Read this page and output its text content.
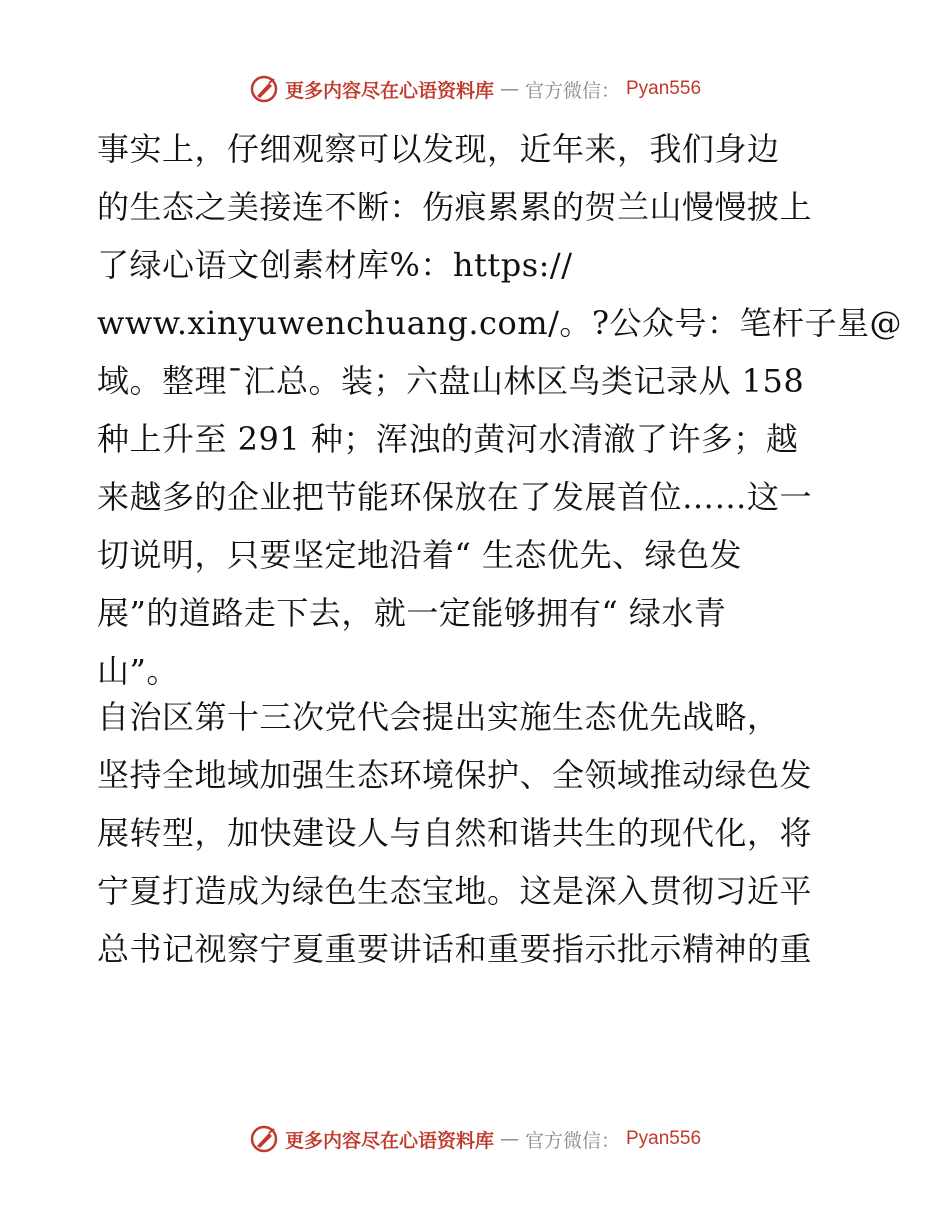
更多内容尽在心语资料库 — 官方微信： Pyan556
事实上，仔细观察可以发现，近年来，我们身边
的生态之美接连不断：伤痕累累的贺兰山慢慢披上
了绿心语文创素材库%：https://
www.xinyuwenchuang.com/。?公众号：笔杆子星@
域。整理¯汇总。装；六盘山林区鸟类记录从 158
种上升至 291 种；浑浊的黄河水清澈了许多；越
来越多的企业把节能环保放在了发展首位……这一
切说明，只要坚定地沿着“ 生态优先、绿色发
展”的道路走下去，就一定能够拥有“ 绿水青
山”。
自治区第十三次党代会提出实施生态优先战略，
坚持全地域加强生态环境保护、全领域推动绿色发
展转型，加快建设人与自然和谐共生的现代化，将
宁夏打造成为绿色生态宝地。这是深入贯彻习近平
总书记视察宁夏重要讲话和重要指示批示精神的重
更多内容尽在心语资料库 — 官方微信： Pyan556
